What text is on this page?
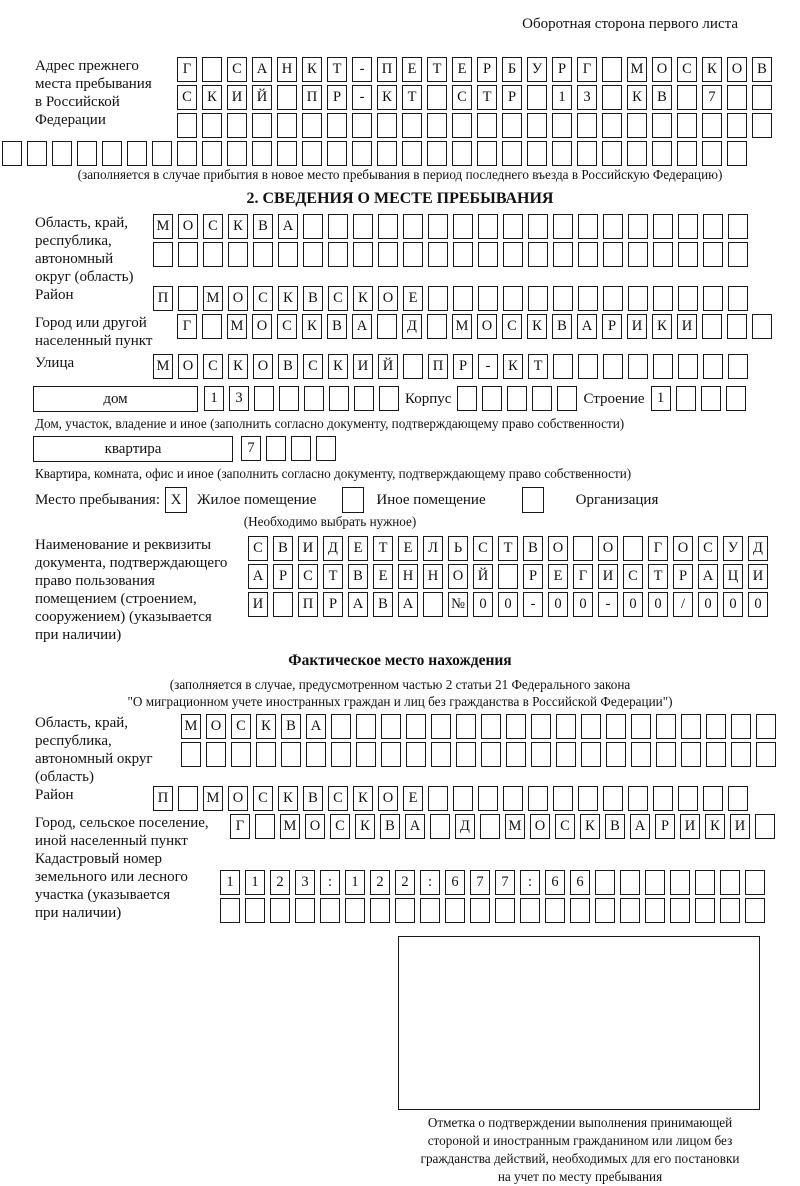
Оборотная сторона первого листа
Адрес прежнего
места пребывания
в Российской
Федерации
Г	С	А	Н	К	Т	-	П	Е	Т	Е	Р	Б	У	Р	Г	М О	С	К	О	В
С	К	И	Й	П	Р	-	К	Т	С	Т	Р	1	3	К	В	7
(заполняется в случае прибытия в новое место пребывания в период последнего въезда в Российскую Федерацию)
2. СВЕДЕНИЯ О МЕСТЕ ПРЕБЫВАНИЯ
Область, край,
республика,
автономный
округ (область)
М О	С	К	В	А
Район	П	М О	С	К	В	С	К	О	Е
Город или другой
населенный пункт
Г	М О	С	К	В	А	Д	М О	С	К	В	А	Р	И	К	И
Улица	М О	С	К	О	В	С	К	И	Й	П	Р	-	К	Т
дом	1	3	Корпус	Строение 1
Дом, участок, владение и иное (заполнить согласно документу, подтверждающему право собственности)
квартира	7
Квартира, комната, офис и иное (заполнить согласно документу, подтверждающему право собственности)
Место пребывания: X	Жилое помещение	Иное помещение	Организация
(Необходимо выбрать нужное)
Наименование и реквизиты
документа, подтверждающего
право пользования
помещением (строением,
сооружением) (указывается
при наличии)
С	В	И	Д	Е	Т	Е	Л	Ь	С	Т	В	О	О	Г	О	С	У	Д
А	Р	С	Т	В	Е	Н	Н	О	Й	Р	Е	Г	И	С	Т	Р	А	Ц	И
И	П	Р	А	В	А	№ 0	0	-	0	0	-	0	0	/	0	0	0
Фактическое место нахождения
(заполняется в случае, предусмотренном частью 2 статьи 21 Федерального закона
"О миграционном учете иностранных граждан и лиц без гражданства в Российской Федерации")
Область, край,
республика,
автономный округ
(область)
М О	С	К	В	А
Район	П	М О	С	К	В	С	К	О	Е
Город, сельское поселение,
иной населенный пункт
Г	М О	С	К	В	А	Д	М О	С	К	В	А	Р	И	К	И
Кадастровый номер
земельного или лесного
участка (указывается
при наличии)
1	1	2	3	:	1	2	2	:	6	7	7	:	6	6
Отметка о подтверждении выполнения принимающей
стороной и иностранным гражданином или лицом без
гражданства действий, необходимых для его постановки
на учет по месту пребывания
